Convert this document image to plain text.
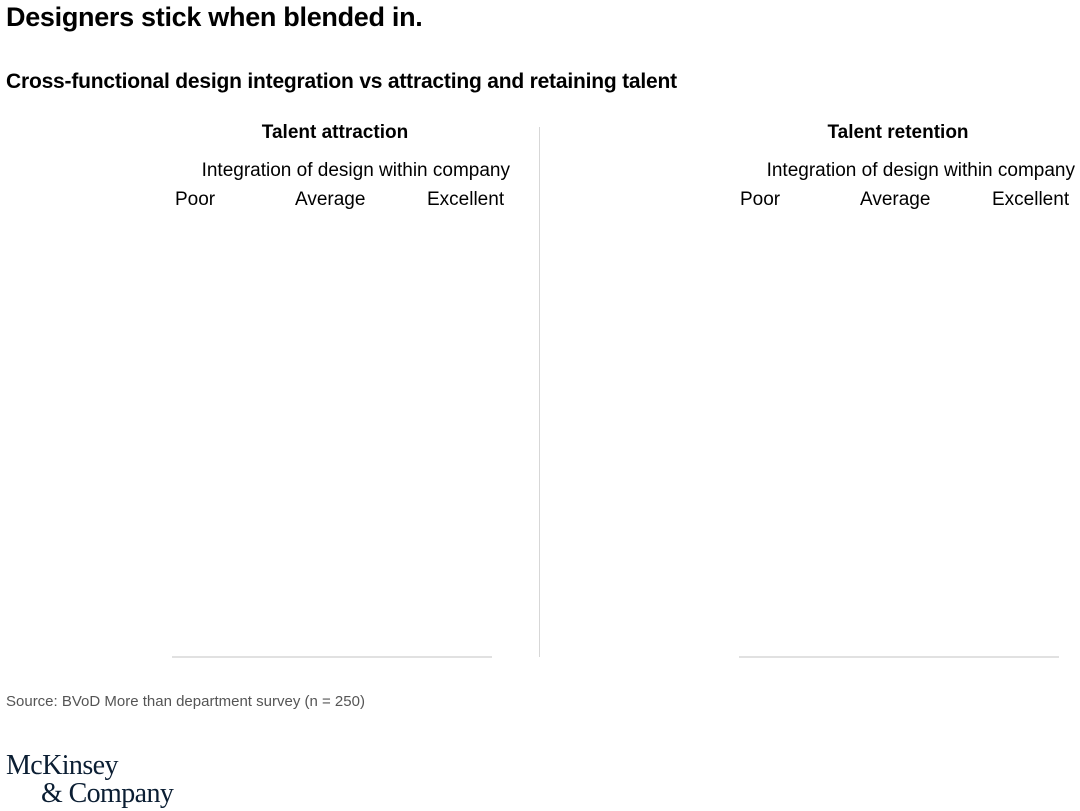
Designers stick when blended in.
Cross-functional design integration vs attracting and retaining talent
Talent attraction
Integration of design within company
Poor	Average	Excellent
Talent retention
Integration of design within company
Poor	Average	Excellent
Source: BVoD More than department survey (n = 250)
McKinsey
& Company
